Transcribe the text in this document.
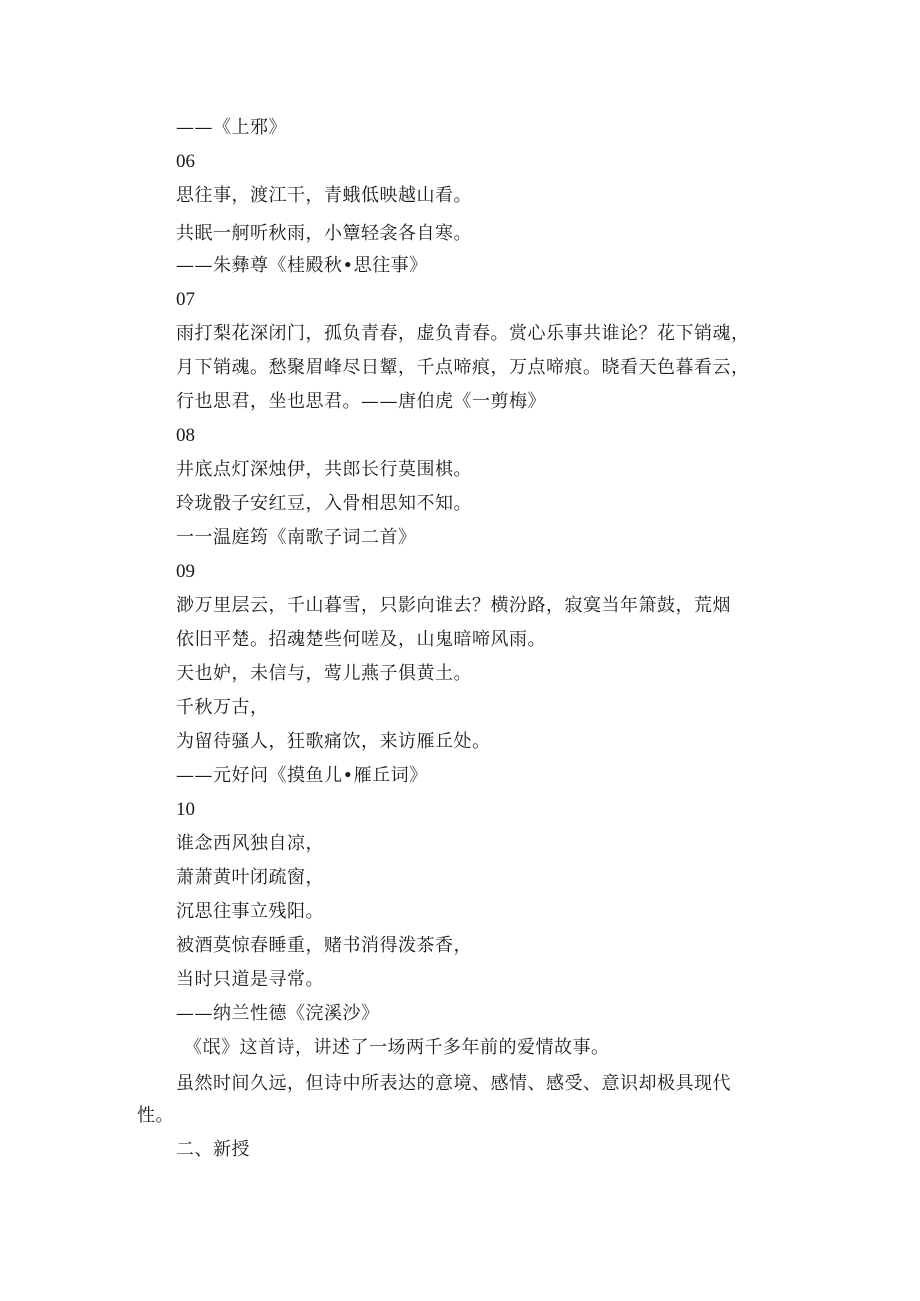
——《上邪》
06
思往事，渡江干，青蛾低映越山看。
共眠一舸听秋雨，小簟轻衾各自寒。
——朱彝尊《桂殿秋•思往事》
07
雨打梨花深闭门，孤负青春，虚负青春。赏心乐事共谁论？花下销魂，
月下销魂。愁聚眉峰尽日颦，千点啼痕，万点啼痕。晓看天色暮看云，
行也思君，坐也思君。——唐伯虎《一剪梅》
08
井底点灯深烛伊，共郎长行莫围棋。
玲珑骰子安红豆，入骨相思知不知。
一一温庭筠《南歌子词二首》
09
渺万里层云，千山暮雪，只影向谁去？横汾路，寂寞当年箫鼓，荒烟
依旧平楚。招魂楚些何嗟及，山鬼暗啼风雨。
天也妒，未信与，莺儿燕子俱黄土。
千秋万古，
为留待骚人，狂歌痛饮，来访雁丘处。
——元好问《摸鱼儿•雁丘词》
10
谁念西风独自凉，
萧萧黄叶闭疏窗，
沉思往事立残阳。
被酒莫惊春睡重，赌书消得泼茶香，
当时只道是寻常。
——纳兰性德《浣溪沙》
《氓》这首诗，讲述了一场两千多年前的爱情故事。
虽然时间久远，但诗中所表达的意境、感情、感受、意识却极具现代
性。
二、新授
